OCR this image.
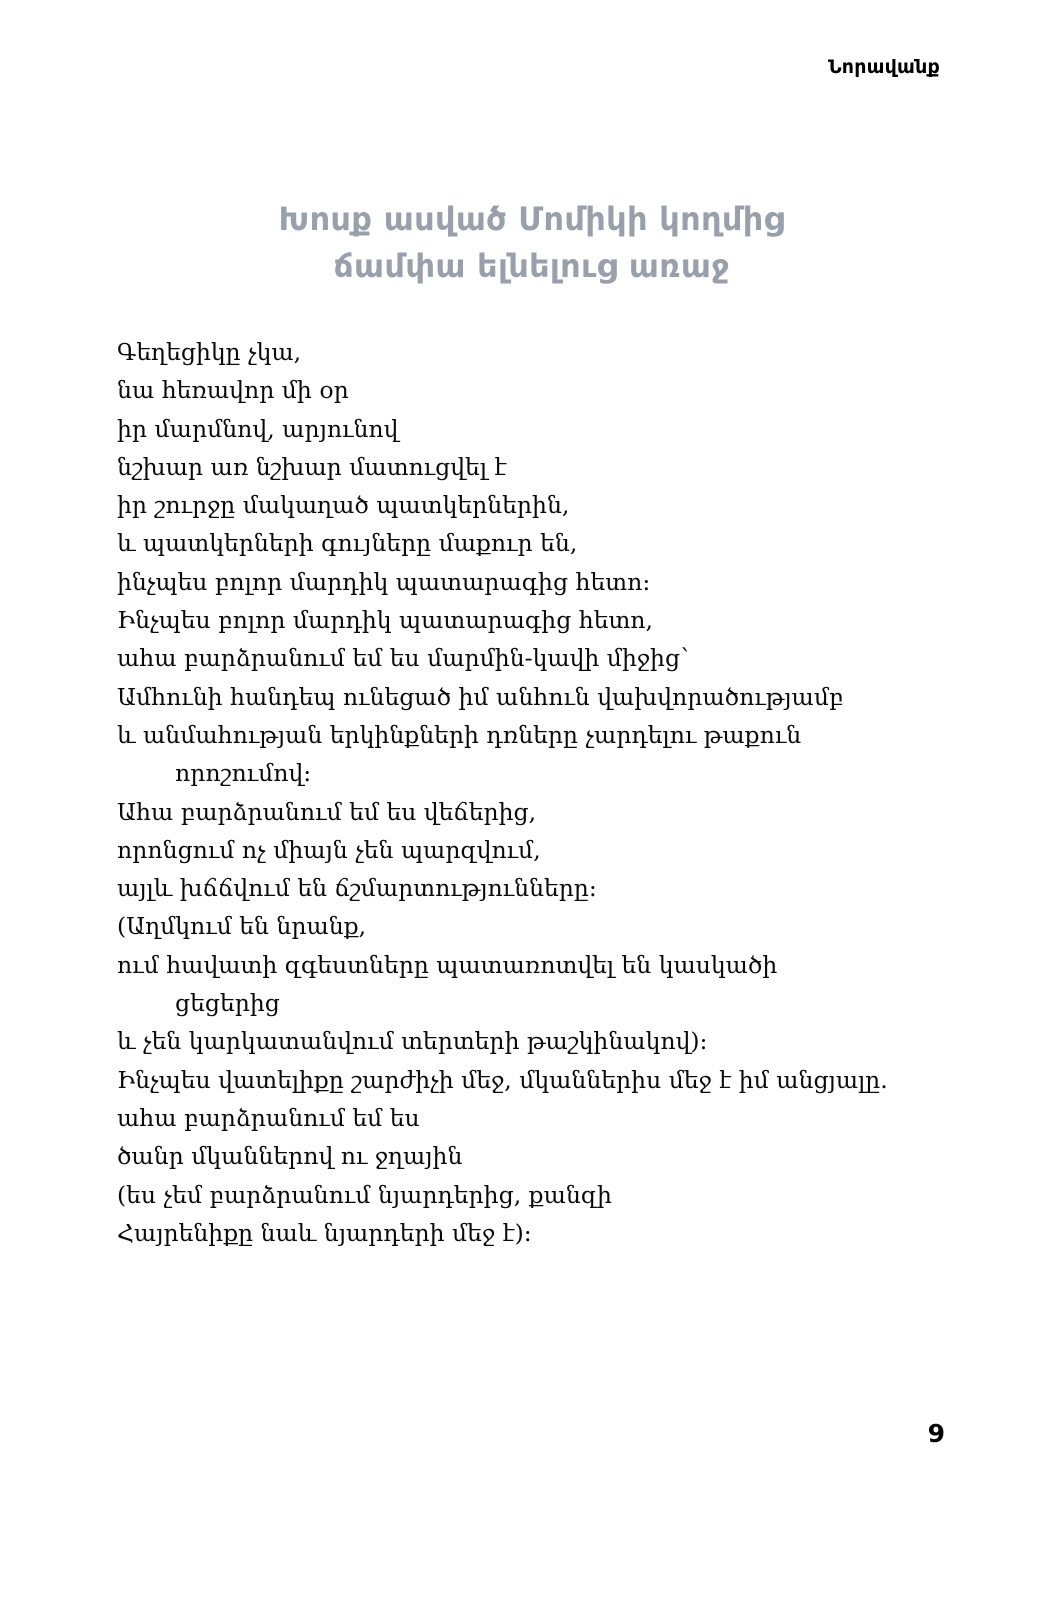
Նորավանք
Խոսք ասված Մոմիկի կողմից
ճամփա ելնելուց առաջ
Գեղեցիկը չկա,
նա հեռավոր մի օր
իր մարմնով, արյունով
նշխար առ նշխար մատուցվել է
իր շուրջը մակաղած պատկերներին,
և պատկերների գույները մաքուր են,
ինչպես բոլոր մարդիկ պատարագից հետո:
Ինչպես բոլոր մարդիկ պատարագից հետո,
ահա բարձրանում եմ ես մարմին-կավի միջից՝
Ամհունի հանդեպ ունեցած իմ անհուն վախվորածությամբ
և անմահության երկինքների դռները չարդելու թաքուն
որոշումով:
Ահա բարձրանում եմ ես վեճերից,
որոնցում ոչ միայն չեն պարզվում,
այլև խճճվում են ճշմարտությունները:
(Աղմկում են նրանք,
ում հավատի զգեստները պատառոտվել են կասկածի
ցեցերից
և չեն կարկատանվում տերտերի թաշկինակով):
Ինչպես վատելիքը շարժիչի մեջ, մկաններիս մեջ է իմ անցյալը.
ահա բարձրանում եմ ես
ծանր մկաններով ու ջղային
(ես չեմ բարձրանում նյարդերից, քանզի
Հայրենիքը նաև նյարդերի մեջ է):
9
